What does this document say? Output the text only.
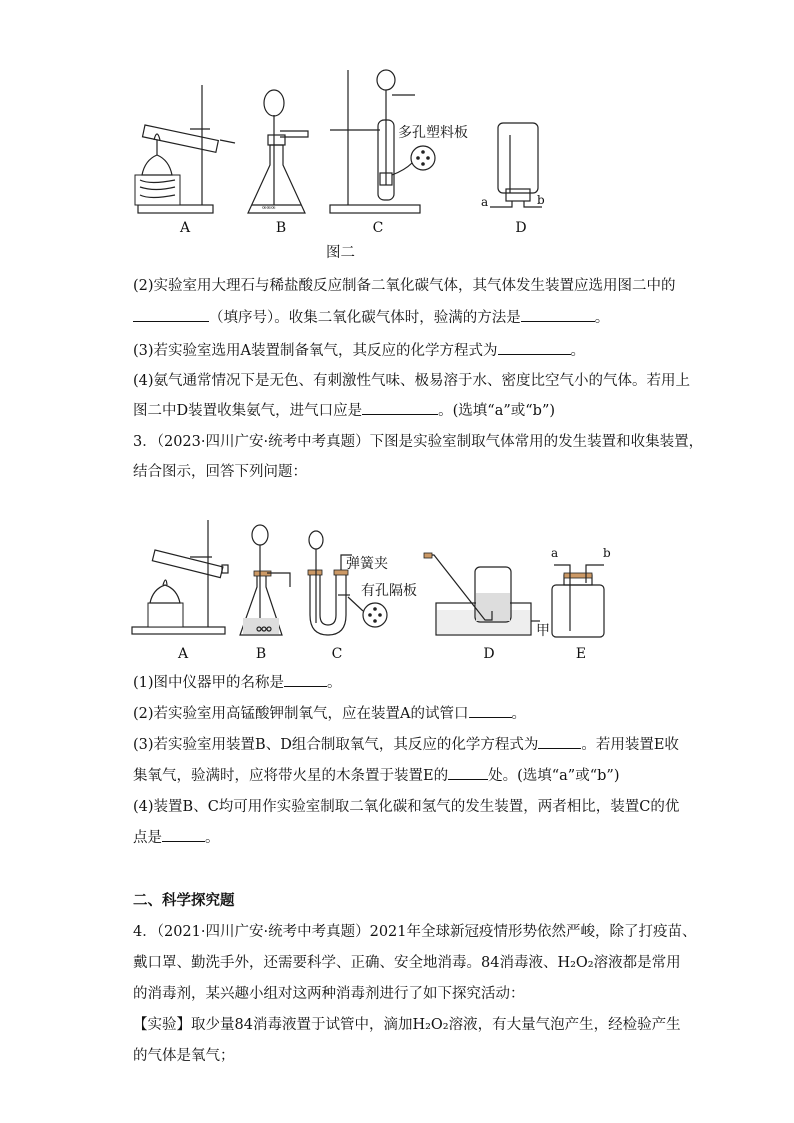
ꟹꟹꟹ
A	B	C	D
多孔塑料板
a	b
图二
(2)实验室用大理石与稀盐酸反应制备二氧化碳气体，其气体发生装置应选用图二中的
（填序号）。收集二氧化碳气体时，验满的方法是	。
(3)若实验室选用A装置制备氧气，其反应的化学方程式为	。
(4)氨气通常情况下是无色、有刺激性气味、极易溶于水、密度比空气小的气体。若用上
图二中D装置收集氨气，进气口应是	。(选填“a”或“b”)
3．（2023·四川广安·统考中考真题）下图是实验室制取气体常用的发生装置和收集装置，
结合图示，回答下列问题：
A	B	C	D	E
弹簧夹
有孔隔板
甲
a	b
(1)图中仪器甲的名称是	。
(2)若实验室用高锰酸钾制氧气，应在装置A的试管口	。
(3)若实验室用装置B、D组合制取氧气，其反应的化学方程式为	。若用装置E收
集氧气，验满时，应将带火星的木条置于装置E的	处。(选填“a”或“b”)
(4)装置B、C均可用作实验室制取二氧化碳和氢气的发生装置，两者相比，装置C的优
点是	。
二、科学探究题
4．（2021·四川广安·统考中考真题）2021年全球新冠疫情形势依然严峻，除了打疫苗、
戴口罩、勤洗手外，还需要科学、正确、安全地消毒。84消毒液、H₂O₂溶液都是常用
的消毒剂，某兴趣小组对这两种消毒剂进行了如下探究活动：
【实验】取少量84消毒液置于试管中，滴加H₂O₂溶液，有大量气泡产生，经检验产生
的气体是氧气；
